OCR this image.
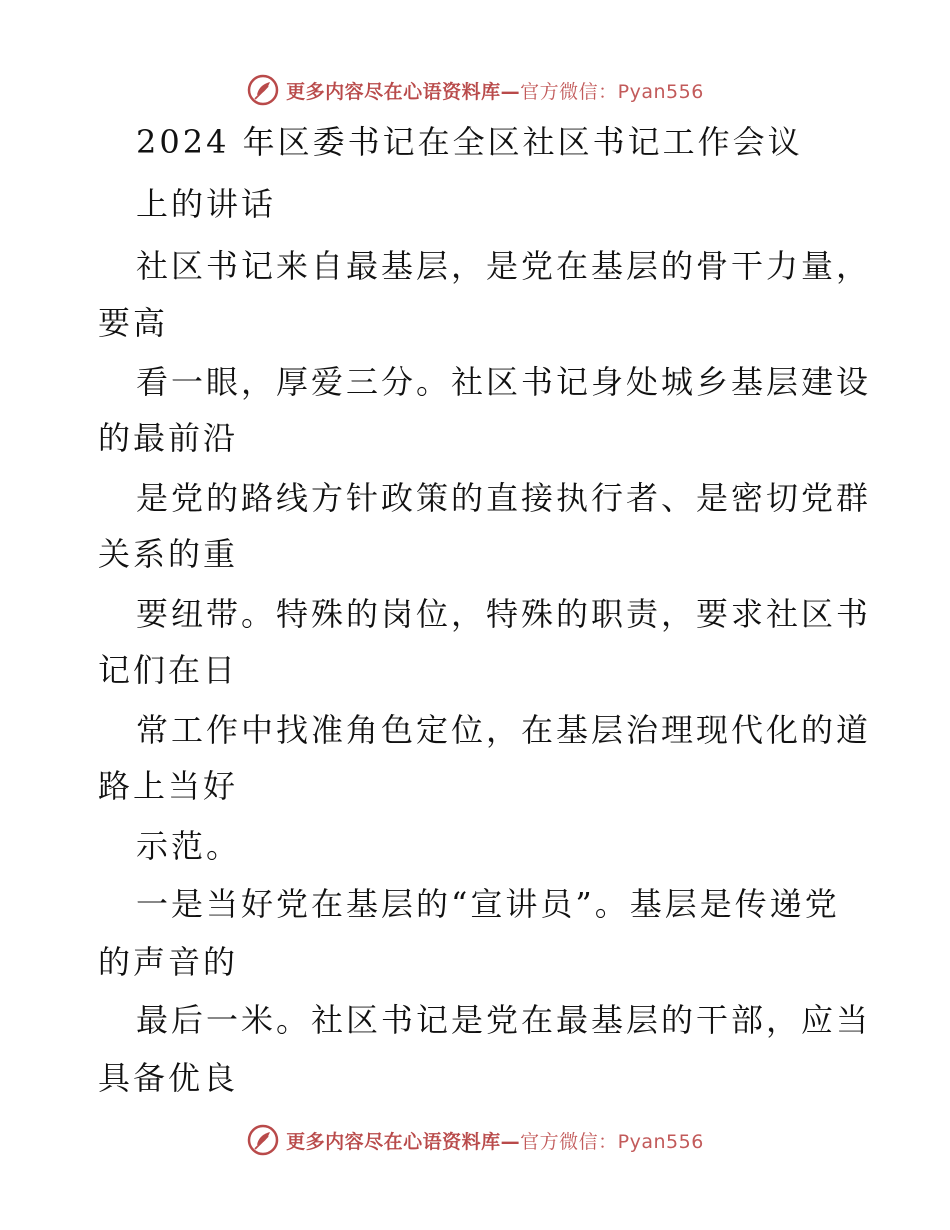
更多内容尽在心语资料库—官方微信：Pyan556
2024 年区委书记在全区社区书记工作会议
上的讲话
社区书记来自最基层，是党在基层的骨干力量，
要高
看一眼，厚爱三分。社区书记身处城乡基层建设
的最前沿
是党的路线方针政策的直接执行者、是密切党群
关系的重
要纽带。特殊的岗位，特殊的职责，要求社区书
记们在日
常工作中找准角色定位，在基层治理现代化的道
路上当好
示范。
一是当好党在基层的“宣讲员”。基层是传递党
的声音的
最后一米。社区书记是党在最基层的干部，应当
具备优良
更多内容尽在心语资料库—官方微信：Pyan556
